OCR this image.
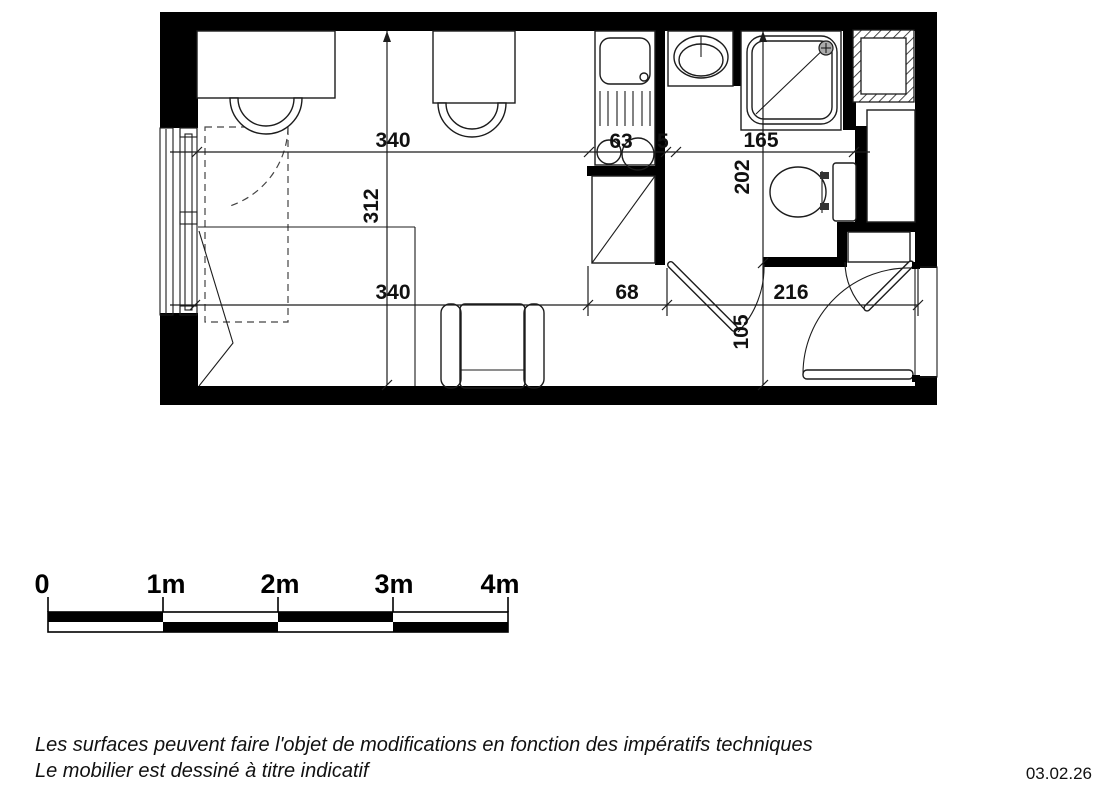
340	63 5	165
312
202
340	68	216
105
0	1m	2m	3m 4m
Les surfaces peuvent faire l'objet de modifications en fonction des impératifs techniques
Le mobilier est dessiné à titre indicatif	03.02.26
